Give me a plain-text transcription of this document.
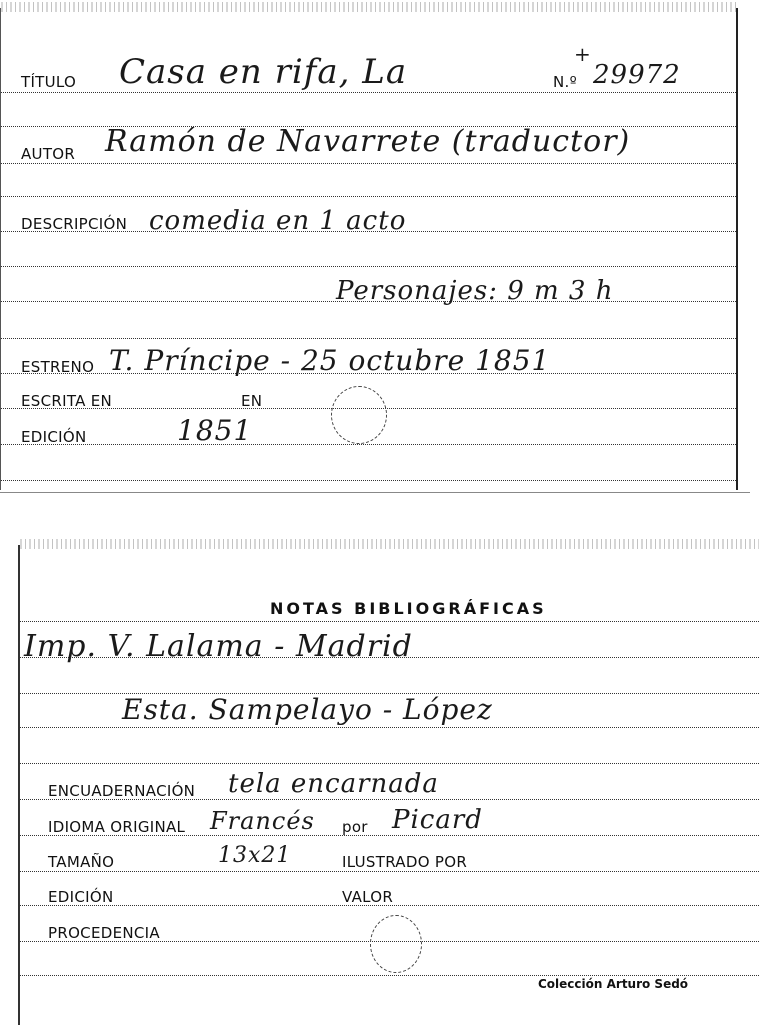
TÍTULO Casa en rifa, La	N.º 29972
+
AUTOR Ramón de Navarrete (traductor)
DESCRIPCIÓN comedia en 1 acto
Personajes: 9 m 3 h
ESTRENO T. Príncipe - 25 octubre 1851
ESCRITA EN	EN
EDICIÓN	1851
NOTAS BIBLIOGRÁFICAS
Imp. V. Lalama - Madrid
Esta. Sampelayo - López
ENCUADERNACIÓN tela encarnada
IDIOMA ORIGINAL Francés por Picard
TAMAÑO	13x21	ILUSTRADO POR
EDICIÓN	VALOR
PROCEDENCIA
Colección Arturo Sedó
